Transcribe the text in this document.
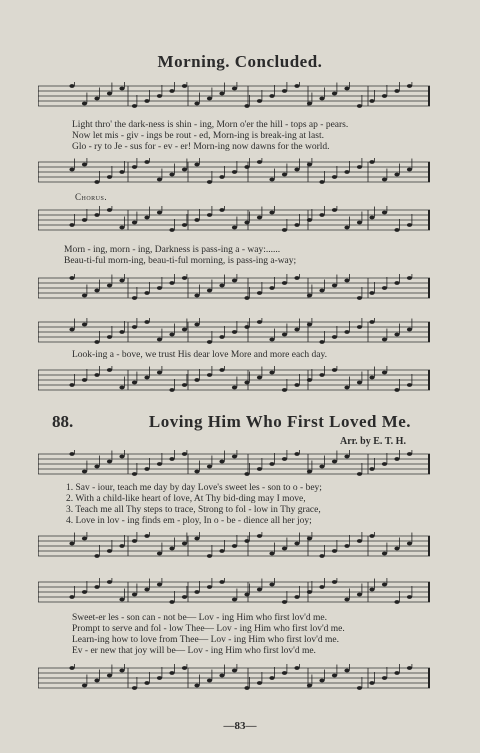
Morning. Concluded.
Light thro' the dark-ness is shin - ing, Morn o'er the hill - tops ap - pears.
Now let mis - giv - ings be rout - ed, Morn-ing is break-ing at last.
Glo - ry to Je - sus for - ev - er! Morn-ing now dawns for the world.
Chorus.
Morn - ing, morn - ing, Darkness is pass-ing a - way:......
Beau-ti-ful morn-ing, beau-ti-ful morning, is pass-ing a-way;
Look-ing a - bove, we trust His dear love More and more each day.
88.	Loving Him Who First Loved Me.
Arr. by E. T. H.
1. Sav - iour, teach me day by day Love's sweet les - son to o - bey;
2. With a child-like heart of love, At Thy bid-ding may I move,
3. Teach me all Thy steps to trace, Strong to fol - low in Thy grace,
4. Love in lov - ing finds em - ploy, In o - be - dience all her joy;
Sweet-er les - son can - not be— Lov - ing Him who first lov'd me.
Prompt to serve and fol - low Thee— Lov - ing Him who first lov'd me.
Learn-ing how to love from Thee— Lov - ing Him who first lov'd me.
Ev - er new that joy will be— Lov - ing Him who first lov'd me.
—83—
